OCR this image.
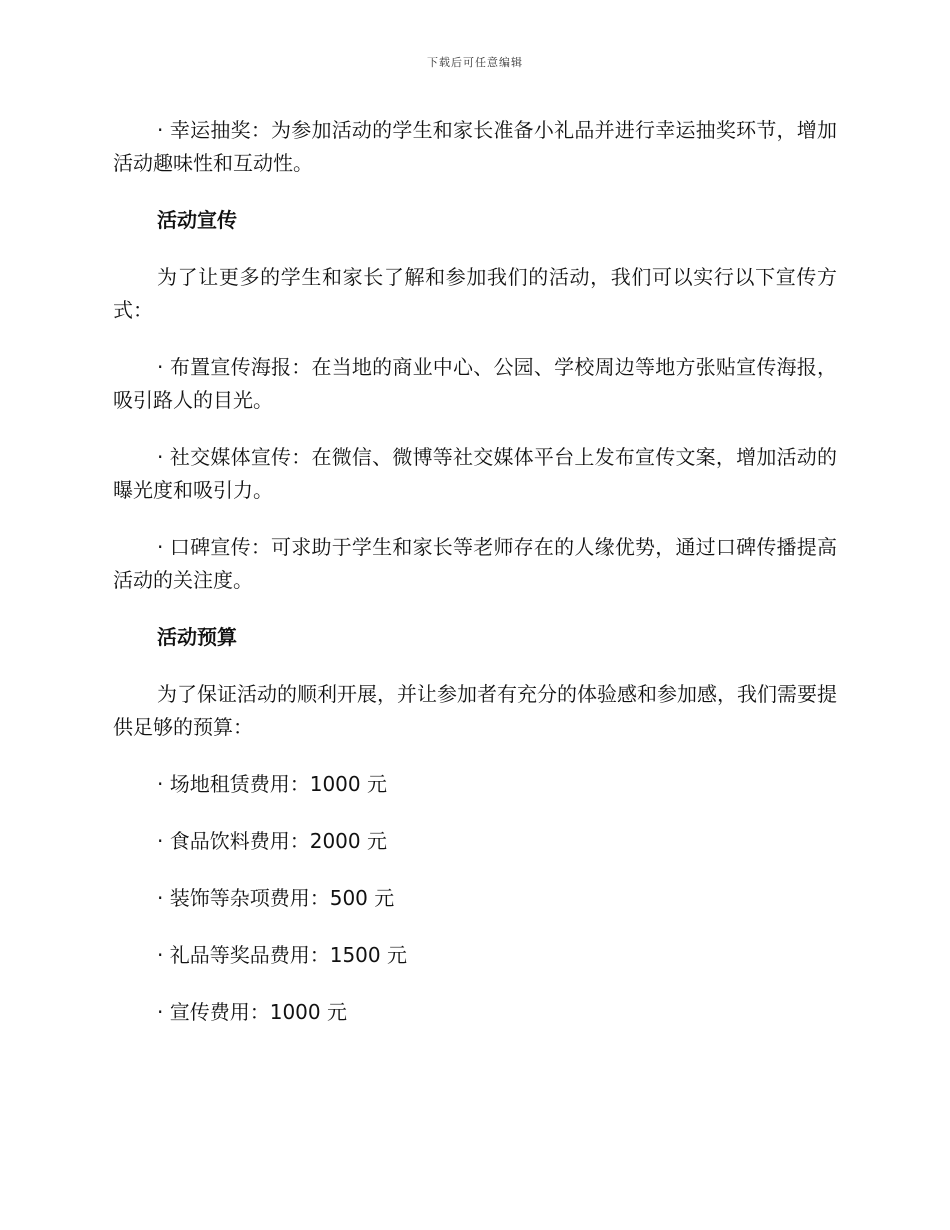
下载后可任意编辑

· 幸运抽奖：为参加活动的学生和家长准备小礼品并进行幸运抽奖环节，增加活动趣味性和互动性。

活动宣传

为了让更多的学生和家长了解和参加我们的活动，我们可以实行以下宣传方式：

· 布置宣传海报：在当地的商业中心、公园、学校周边等地方张贴宣传海报，吸引路人的目光。

· 社交媒体宣传：在微信、微博等社交媒体平台上发布宣传文案，增加活动的曝光度和吸引力。

· 口碑宣传：可求助于学生和家长等老师存在的人缘优势，通过口碑传播提高活动的关注度。

活动预算

为了保证活动的顺利开展，并让参加者有充分的体验感和参加感，我们需要提供足够的预算：

· 场地租赁费用：1000 元

· 食品饮料费用：2000 元

· 装饰等杂项费用：500 元

· 礼品等奖品费用：1500 元

· 宣传费用：1000 元
